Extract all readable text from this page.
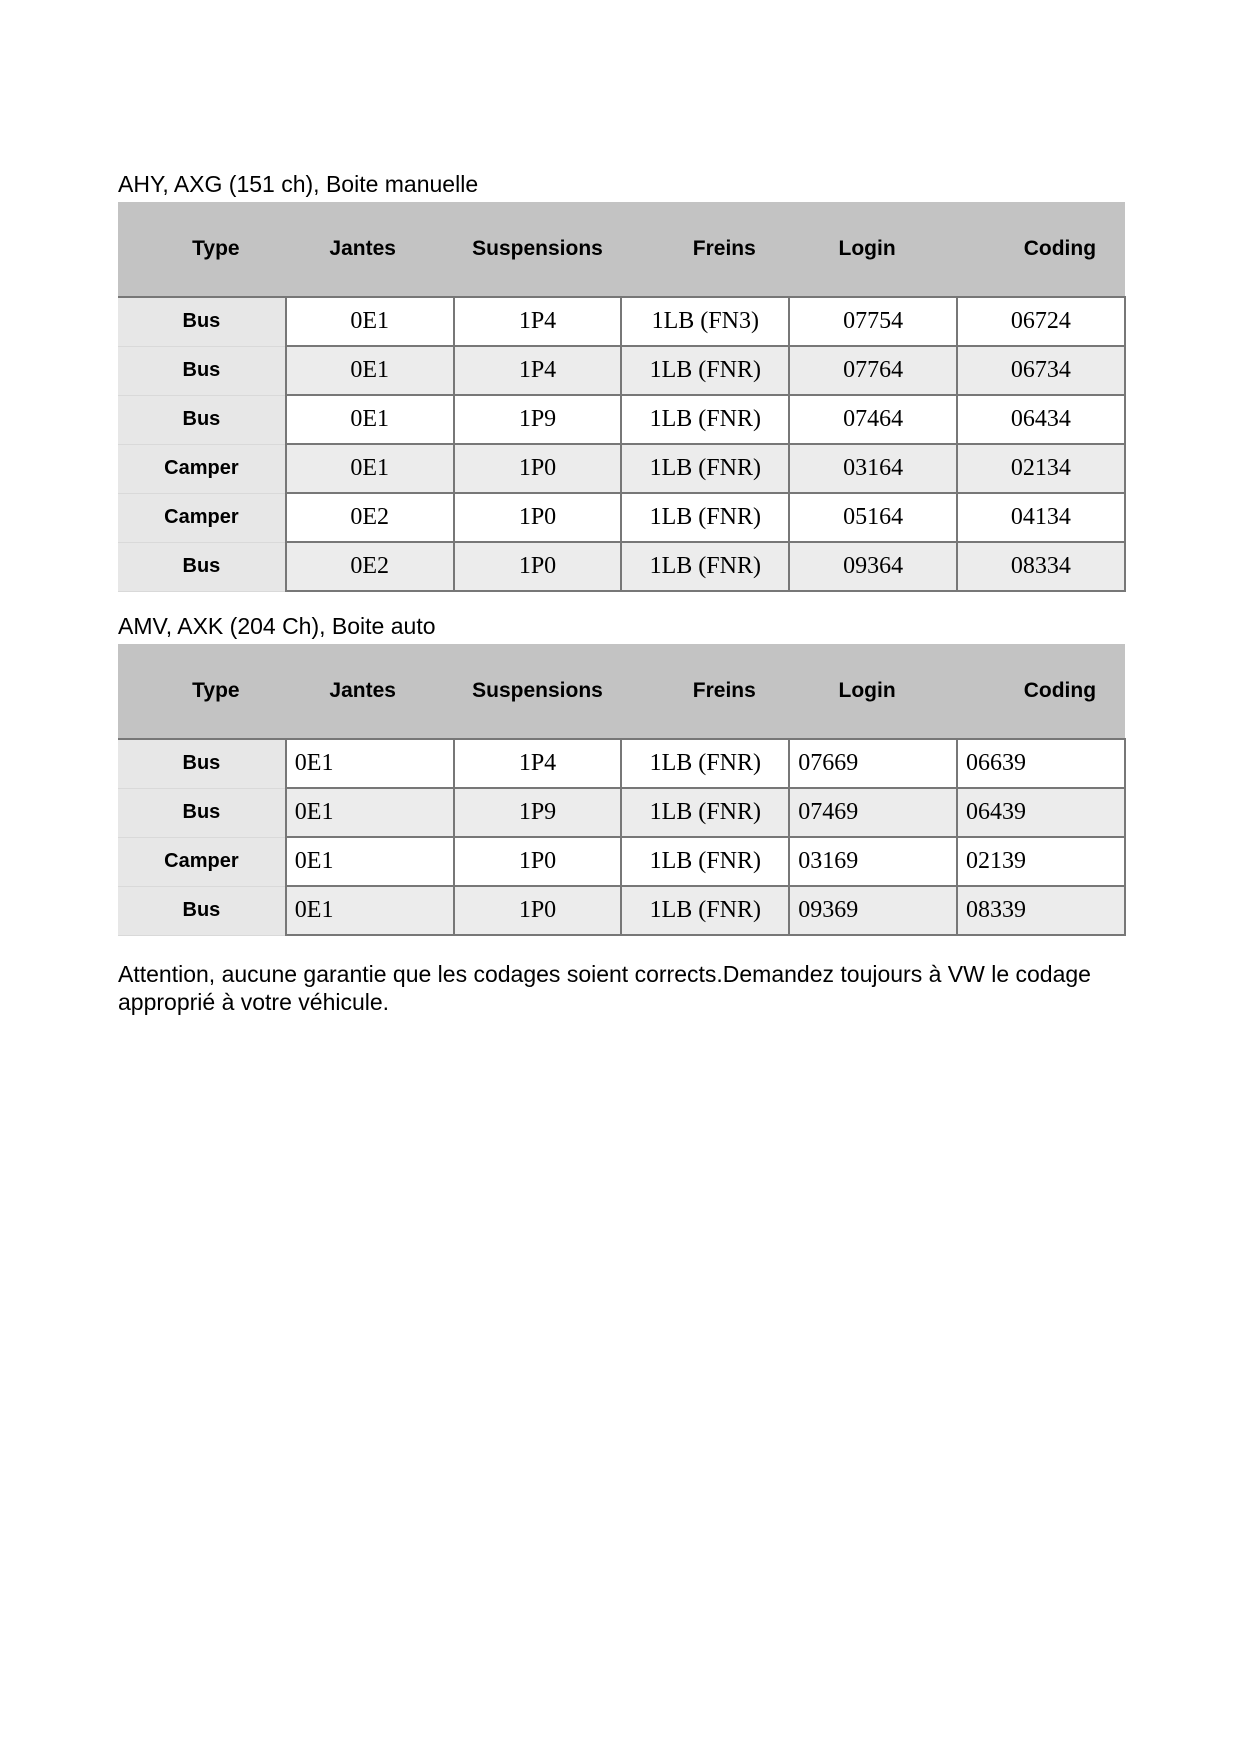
AHY, AXG (151 ch), Boite manuelle
Type	Jantes	Suspensions	Freins	Login	Coding
Bus	0E1	1P4	1LB (FN3)	07754	06724
Bus	0E1	1P4	1LB (FNR)	07764	06734
Bus	0E1	1P9	1LB (FNR)	07464	06434
Camper	0E1	1P0	1LB (FNR)	03164	02134
Camper	0E2	1P0	1LB (FNR)	05164	04134
Bus	0E2	1P0	1LB (FNR)	09364	08334
AMV, AXK (204 Ch), Boite auto
Type	Jantes	Suspensions	Freins	Login	Coding
Bus	0E1	1P4	1LB (FNR)	07669	06639
Bus	0E1	1P9	1LB (FNR)	07469	06439
Camper	0E1	1P0	1LB (FNR)	03169	02139
Bus	0E1	1P0	1LB (FNR)	09369	08339
Attention, aucune garantie que les codages soient corrects.Demandez toujours à VW le codage approprié à votre véhicule.
